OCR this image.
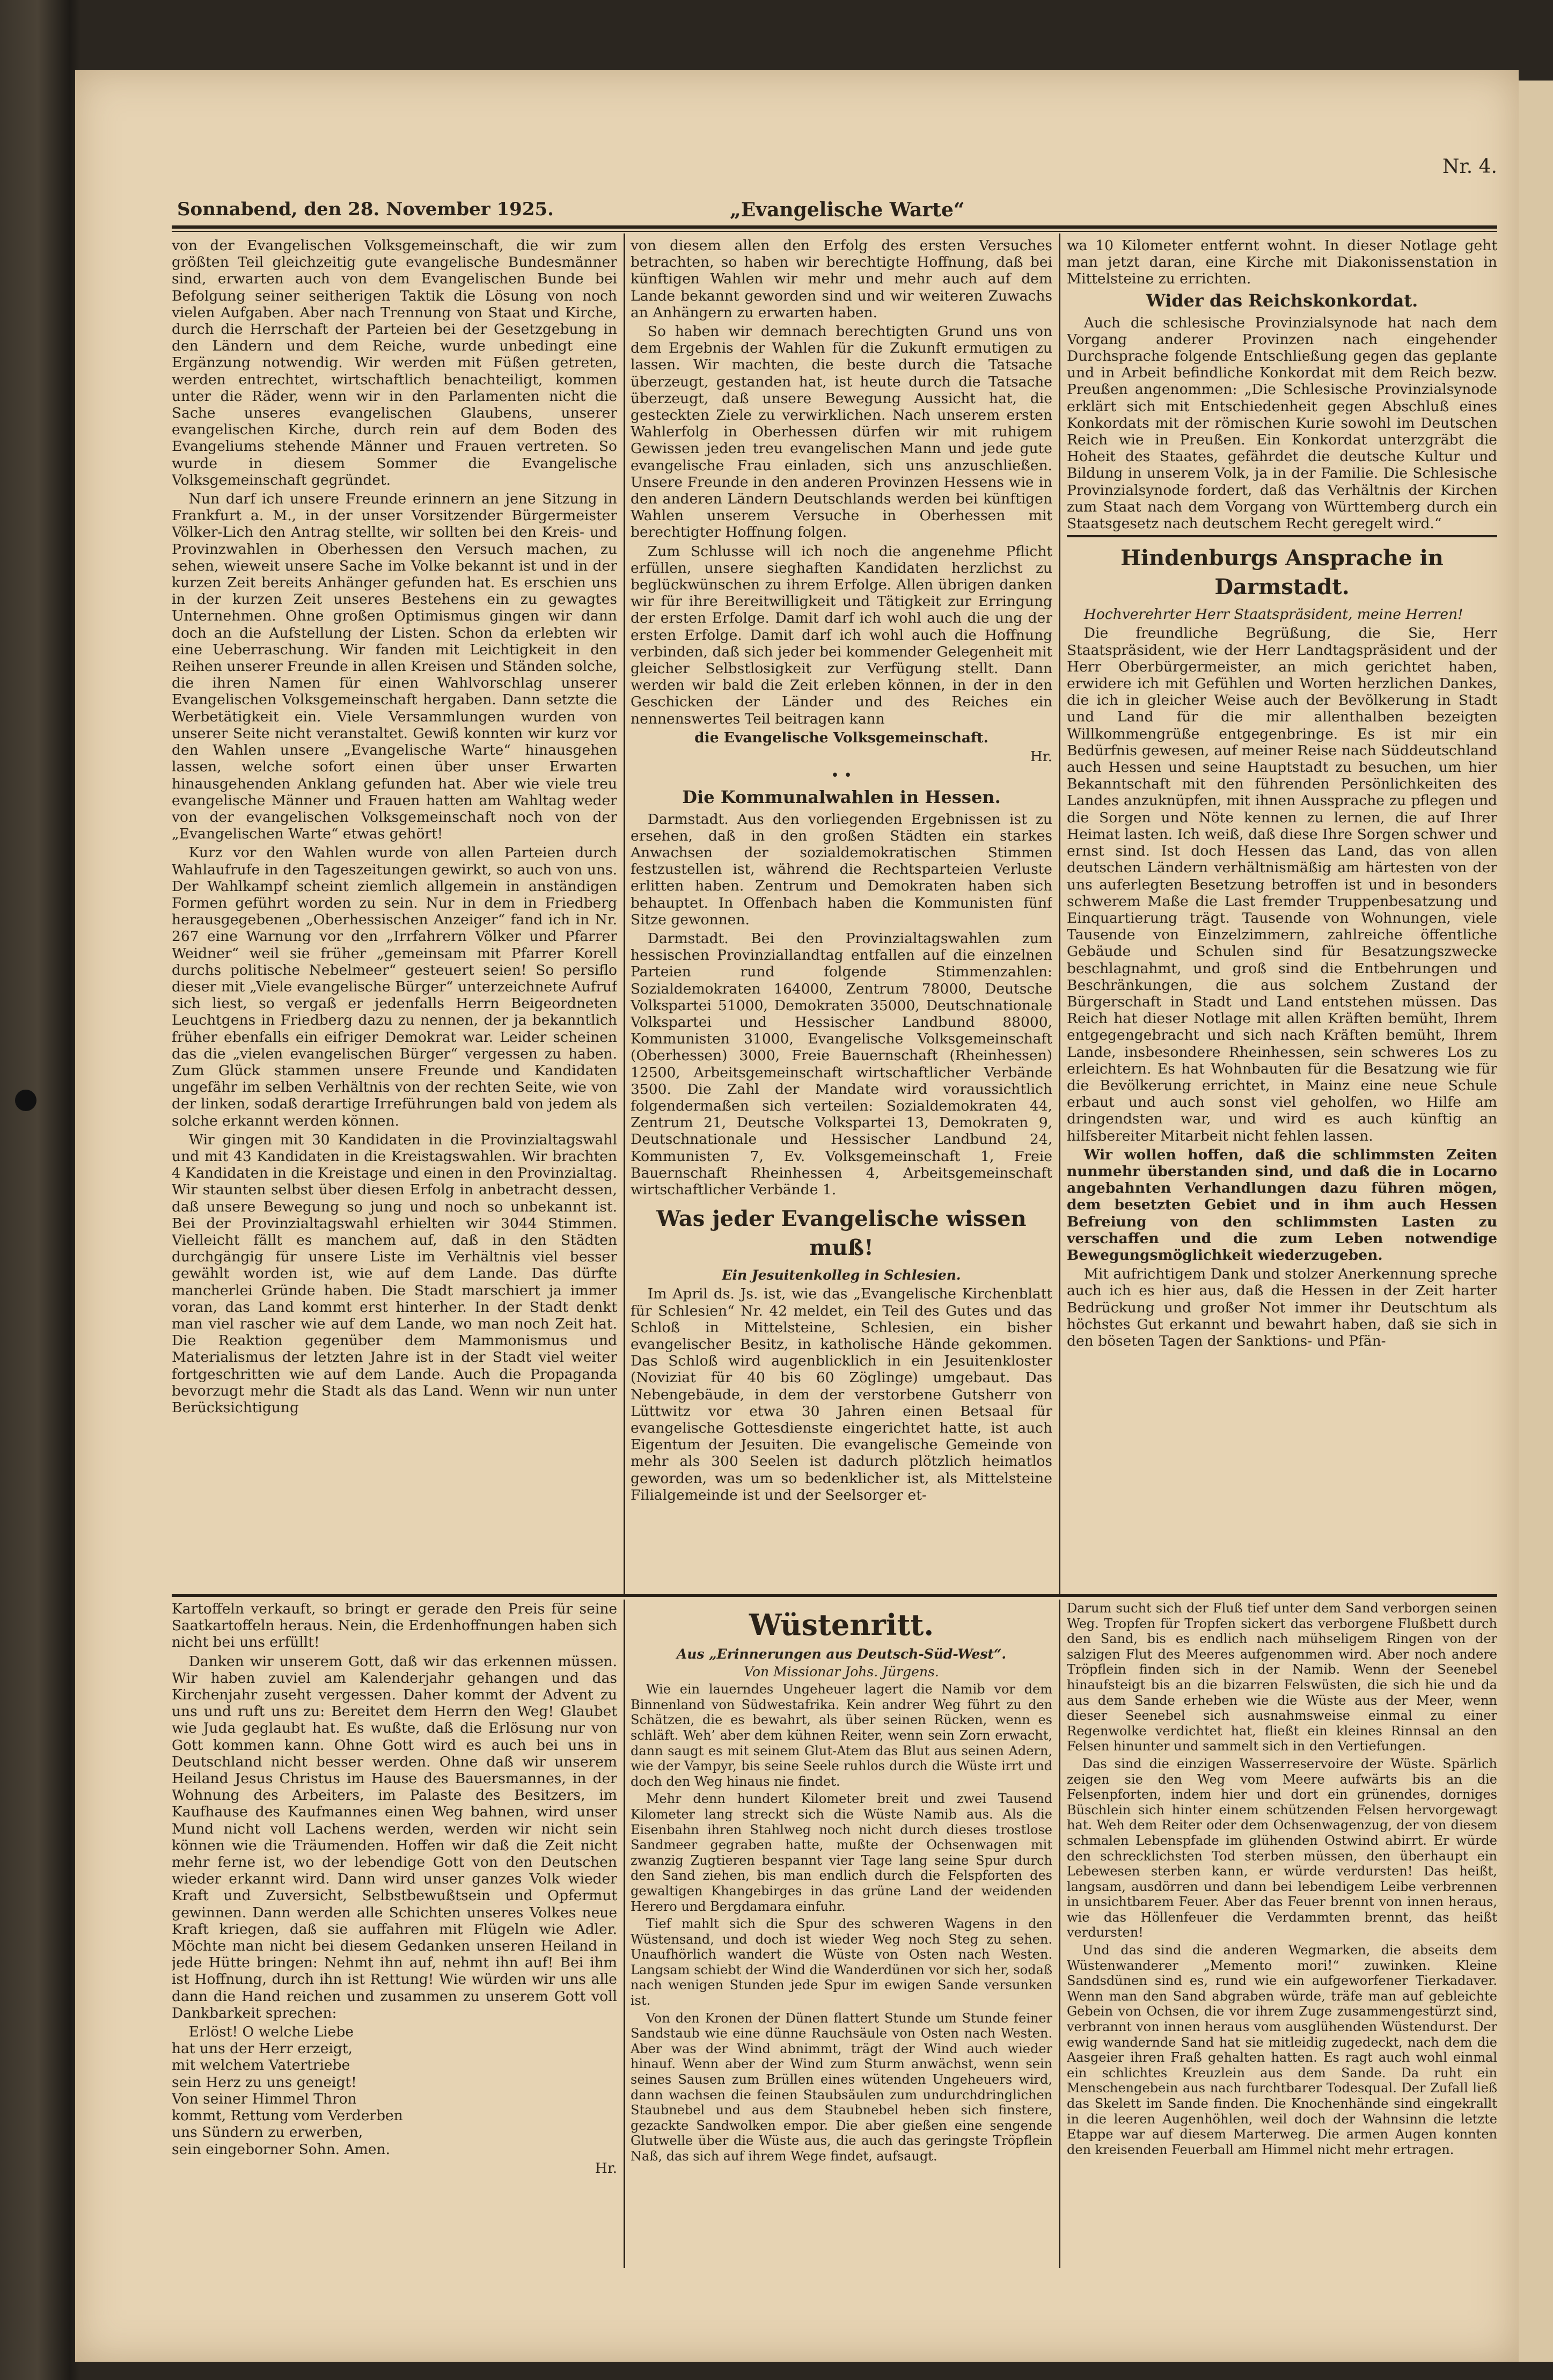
Nr. 4.
Sonnabend, den 28. November 1925.	„Evangelische Warte“

von der Evangelischen Volksgemeinschaft, die wir zum größten Teil gleichzeitig gute evangelische Bundesmänner sind, erwarten auch von dem Evangelischen Bunde bei Befolgung seiner seitherigen Taktik die Lösung von noch vielen Aufgaben. Aber nach Trennung von Staat und Kirche, durch die Herrschaft der Parteien bei der Gesetzgebung in den Ländern und dem Reiche, wurde unbedingt eine Ergänzung notwendig. Wir werden mit Füßen getreten, werden entrechtet, wirtschaftlich benachteiligt, kommen unter die Räder, wenn wir in den Parlamenten nicht die Sache unseres evangelischen Glaubens, unserer evangelischen Kirche, durch rein auf dem Boden des Evangeliums stehende Männer und Frauen vertreten. So wurde in diesem Sommer die Evangelische Volksgemeinschaft gegründet.

Nun darf ich unsere Freunde erinnern an jene Sitzung in Frankfurt a. M., in der unser Vorsitzender Bürgermeister Völker-Lich den Antrag stellte, wir sollten bei den Kreis- und Provinzwahlen in Oberhessen den Versuch machen, zu sehen, wieweit unsere Sache im Volke bekannt ist und in der kurzen Zeit bereits Anhänger gefunden hat. Es erschien uns in der kurzen Zeit unseres Bestehens ein zu gewagtes Unternehmen. Ohne großen Optimismus gingen wir dann doch an die Aufstellung der Listen. Schon da erlebten wir eine Ueberraschung. Wir fanden mit Leichtigkeit in den Reihen unserer Freunde in allen Kreisen und Ständen solche, die ihren Namen für einen Wahlvorschlag unserer Evangelischen Volksgemeinschaft hergaben. Dann setzte die Werbetätigkeit ein. Viele Versammlungen wurden von unserer Seite nicht veranstaltet. Gewiß konnten wir kurz vor den Wahlen unsere „Evangelische Warte“ hinausgehen lassen, welche sofort einen über unser Erwarten hinausgehenden Anklang gefunden hat. Aber wie viele treu evangelische Männer und Frauen hatten am Wahltag weder von der evangelischen Volksgemeinschaft noch von der „Evangelischen Warte“ etwas gehört!

Kurz vor den Wahlen wurde von allen Parteien durch Wahlaufrufe in den Tageszeitungen gewirkt, so auch von uns. Der Wahlkampf scheint ziemlich allgemein in anständigen Formen geführt worden zu sein. Nur in dem in Friedberg herausgegebenen „Oberhessischen Anzeiger“ fand ich in Nr. 267 eine Warnung vor den „Irrfahrern Völker und Pfarrer Weidner“ weil sie früher „gemeinsam mit Pfarrer Korell durchs politische Nebelmeer“ gesteuert seien! So persiflo dieser mit „Viele evangelische Bürger“ unterzeichnete Aufruf sich liest, so vergaß er jedenfalls Herrn Beigeordneten Leuchtgens in Friedberg dazu zu nennen, der ja bekanntlich früher ebenfalls ein eifriger Demokrat war. Leider scheinen das die „vielen evangelischen Bürger“ vergessen zu haben. Zum Glück stammen unsere Freunde und Kandidaten ungefähr im selben Verhältnis von der rechten Seite, wie von der linken, sodaß derartige Irreführungen bald von jedem als solche erkannt werden können.

Wir gingen mit 30 Kandidaten in die Provinzialtagswahl und mit 43 Kandidaten in die Kreistagswahlen. Wir brachten 4 Kandidaten in die Kreistage und einen in den Provinzialtag. Wir staunten selbst über diesen Erfolg in anbetracht dessen, daß unsere Bewegung so jung und noch so unbekannt ist. Bei der Provinzialtagswahl erhielten wir 3044 Stimmen. Vielleicht fällt es manchem auf, daß in den Städten durchgängig für unsere Liste im Verhältnis viel besser gewählt worden ist, wie auf dem Lande. Das dürfte mancherlei Gründe haben. Die Stadt marschiert ja immer voran, das Land kommt erst hinterher. In der Stadt denkt man viel rascher wie auf dem Lande, wo man noch Zeit hat. Die Reaktion gegenüber dem Mammonismus und Materialismus der letzten Jahre ist in der Stadt viel weiter fortgeschritten wie auf dem Lande. Auch die Propaganda bevorzugt mehr die Stadt als das Land. Wenn wir nun unter Berücksichtigung

von diesem allen den Erfolg des ersten Versuches betrachten, so haben wir berechtigte Hoffnung, daß bei künftigen Wahlen wir mehr und mehr auch auf dem Lande bekannt geworden sind und wir weiteren Zuwachs an Anhängern zu erwarten haben.

So haben wir demnach berechtigten Grund uns von dem Ergebnis der Wahlen für die Zukunft ermutigen zu lassen. Wir machten, die beste durch die Tatsache überzeugt, gestanden hat, ist heute durch die Tatsache überzeugt, daß unsere Bewegung Aussicht hat, die gesteckten Ziele zu verwirklichen. Nach unserem ersten Wahlerfolg in Oberhessen dürfen wir mit ruhigem Gewissen jeden treu evangelischen Mann und jede gute evangelische Frau einladen, sich uns anzuschließen. Unsere Freunde in den anderen Provinzen Hessens wie in den anderen Ländern Deutschlands werden bei künftigen Wahlen unserem Versuche in Oberhessen mit berechtigter Hoffnung folgen.

Zum Schlusse will ich noch die angenehme Pflicht erfüllen, unsere sieghaften Kandidaten herzlichst zu beglückwünschen zu ihrem Erfolge. Allen übrigen danken wir für ihre Bereitwilligkeit und Tätigkeit zur Erringung der ersten Erfolge. Damit darf ich wohl auch die ung der ersten Erfolge. Damit darf ich wohl auch die Hoffnung verbinden, daß sich jeder bei kommender Gelegenheit mit gleicher Selbstlosigkeit zur Verfügung stellt. Dann werden wir bald die Zeit erleben können, in der in den Geschicken der Länder und des Reiches ein nennenswertes Teil beitragen kann

die Evangelische Volksgemeinschaft.
Hr.
• •
Die Kommunalwahlen in Hessen.

Darmstadt. Aus den vorliegenden Ergebnissen ist zu ersehen, daß in den großen Städten ein starkes Anwachsen der sozialdemokratischen Stimmen festzustellen ist, während die Rechtsparteien Verluste erlitten haben. Zentrum und Demokraten haben sich behauptet. In Offenbach haben die Kommunisten fünf Sitze gewonnen.

Darmstadt. Bei den Provinzialtagswahlen zum hessischen Provinziallandtag entfallen auf die einzelnen Parteien rund folgende Stimmenzahlen: Sozialdemokraten 164000, Zentrum 78000, Deutsche Volkspartei 51000, Demokraten 35000, Deutschnationale Volkspartei und Hessischer Landbund 88000, Kommunisten 31000, Evangelische Volksgemeinschaft (Oberhessen) 3000, Freie Bauernschaft (Rheinhessen) 12500, Arbeitsgemeinschaft wirtschaftlicher Verbände 3500. Die Zahl der Mandate wird voraussichtlich folgendermaßen sich verteilen: Sozialdemokraten 44, Zentrum 21, Deutsche Volkspartei 13, Demokraten 9, Deutschnationale und Hessischer Landbund 24, Kommunisten 7, Ev. Volksgemeinschaft 1, Freie Bauernschaft Rheinhessen 4, Arbeitsgemeinschaft wirtschaftlicher Verbände 1.

Was jeder Evangelische wissen muß!
Ein Jesuitenkolleg in Schlesien.

Im April ds. Js. ist, wie das „Evangelische Kirchenblatt für Schlesien“ Nr. 42 meldet, ein Teil des Gutes und das Schloß in Mittelsteine, Schlesien, ein bisher evangelischer Besitz, in katholische Hände gekommen. Das Schloß wird augenblicklich in ein Jesuitenkloster (Noviziat für 40 bis 60 Zöglinge) umgebaut. Das Nebengebäude, in dem der verstorbene Gutsherr von Lüttwitz vor etwa 30 Jahren einen Betsaal für evangelische Gottesdienste eingerichtet hatte, ist auch Eigentum der Jesuiten. Die evangelische Gemeinde von mehr als 300 Seelen ist dadurch plötzlich heimatlos geworden, was um so bedenklicher ist, als Mittelsteine Filialgemeinde ist und der Seelsorger et-

wa 10 Kilometer entfernt wohnt. In dieser Notlage geht man jetzt daran, eine Kirche mit Diakonissenstation in Mittelsteine zu errichten.

Wider das Reichskonkordat.

Auch die schlesische Provinzialsynode hat nach dem Vorgang anderer Provinzen nach eingehender Durchsprache folgende Entschließung gegen das geplante und in Arbeit befindliche Konkordat mit dem Reich bezw. Preußen angenommen: „Die Schlesische Provinzialsynode erklärt sich mit Entschiedenheit gegen Abschluß eines Konkordats mit der römischen Kurie sowohl im Deutschen Reich wie in Preußen. Ein Konkordat unterzgräbt die Hoheit des Staates, gefährdet die deutsche Kultur und Bildung in unserem Volk, ja in der Familie. Die Schlesische Provinzialsynode fordert, daß das Verhältnis der Kirchen zum Staat nach dem Vorgang von Württemberg durch ein Staatsgesetz nach deutschem Recht geregelt wird.“

Hindenburgs Ansprache in Darmstadt.

Hochverehrter Herr Staatspräsident, meine Herren!

Die freundliche Begrüßung, die Sie, Herr Staatspräsident, wie der Herr Landtagspräsident und der Herr Oberbürgermeister, an mich gerichtet haben, erwidere ich mit Gefühlen und Worten herzlichen Dankes, die ich in gleicher Weise auch der Bevölkerung in Stadt und Land für die mir allenthalben bezeigten Willkommengrüße entgegenbringe. Es ist mir ein Bedürfnis gewesen, auf meiner Reise nach Süddeutschland auch Hessen und seine Hauptstadt zu besuchen, um hier Bekanntschaft mit den führenden Persönlichkeiten des Landes anzuknüpfen, mit ihnen Aussprache zu pflegen und die Sorgen und Nöte kennen zu lernen, die auf Ihrer Heimat lasten. Ich weiß, daß diese Ihre Sorgen schwer und ernst sind. Ist doch Hessen das Land, das von allen deutschen Ländern verhältnismäßig am härtesten von der uns auferlegten Besetzung betroffen ist und in besonders schwerem Maße die Last fremder Truppenbesatzung und Einquartierung trägt. Tausende von Wohnungen, viele Tausende von Einzelzimmern, zahlreiche öffentliche Gebäude und Schulen sind für Besatzungszwecke beschlagnahmt, und groß sind die Entbehrungen und Beschränkungen, die aus solchem Zustand der Bürgerschaft in Stadt und Land entstehen müssen. Das Reich hat dieser Notlage mit allen Kräften bemüht, Ihrem entgegengebracht und sich nach Kräften bemüht, Ihrem Lande, insbesondere Rheinhessen, sein schweres Los zu erleichtern. Es hat Wohnbauten für die Besatzung wie für die Bevölkerung errichtet, in Mainz eine neue Schule erbaut und auch sonst viel geholfen, wo Hilfe am dringendsten war, und wird es auch künftig an hilfsbereiter Mitarbeit nicht fehlen lassen.

Wir wollen hoffen, daß die schlimmsten Zeiten nunmehr überstanden sind, und daß die in Locarno angebahnten Verhandlungen dazu führen mögen, dem besetzten Gebiet und in ihm auch Hessen Befreiung von den schlimmsten Lasten zu verschaffen und die zum Leben notwendige Bewegungsmöglichkeit wiederzugeben.

Mit aufrichtigem Dank und stolzer Anerkennung spreche auch ich es hier aus, daß die Hessen in der Zeit harter Bedrückung und großer Not immer ihr Deutschtum als höchstes Gut erkannt und bewahrt haben, daß sie sich in den böseten Tagen der Sanktions- und Pfän-

Kartoffeln verkauft, so bringt er gerade den Preis für seine Saatkartoffeln heraus. Nein, die Erdenhoffnungen haben sich nicht bei uns erfüllt!

Danken wir unserem Gott, daß wir das erkennen müssen. Wir haben zuviel am Kalenderjahr gehangen und das Kirchenjahr zuseht vergessen. Daher kommt der Advent zu uns und ruft uns zu: Bereitet dem Herrn den Weg! Glaubet wie Juda geglaubt hat. Es wußte, daß die Erlösung nur von Gott kommen kann. Ohne Gott wird es auch bei uns in Deutschland nicht besser werden. Ohne daß wir unserem Heiland Jesus Christus im Hause des Bauersmannes, in der Wohnung des Arbeiters, im Palaste des Besitzers, im Kaufhause des Kaufmannes einen Weg bahnen, wird unser Mund nicht voll Lachens werden, werden wir nicht sein können wie die Träumenden. Hoffen wir daß die Zeit nicht mehr ferne ist, wo der lebendige Gott von den Deutschen wieder erkannt wird. Dann wird unser ganzes Volk wieder Kraft und Zuversicht, Selbstbewußtsein und Opfermut gewinnen. Dann werden alle Schichten unseres Volkes neue Kraft kriegen, daß sie auffahren mit Flügeln wie Adler. Möchte man nicht bei diesem Gedanken unseren Heiland in jede Hütte bringen: Nehmt ihn auf, nehmt ihn auf! Bei ihm ist Hoffnung, durch ihn ist Rettung! Wie würden wir uns alle dann die Hand reichen und zusammen zu unserem Gott voll Dankbarkeit sprechen:

Erlöst! O welche Liebe
hat uns der Herr erzeigt,
mit welchem Vatertriebe
sein Herz zu uns geneigt!
Von seiner Himmel Thron
kommt, Rettung vom Verderben
uns Sündern zu erwerben,
sein eingeborner Sohn. Amen.

Hr.
Wüstenritt.
Aus „Erinnerungen aus Deutsch-Süd-West“.
Von Missionar Johs. Jürgens.

Wie ein lauerndes Ungeheuer lagert die Namib vor dem Binnenland von Südwestafrika. Kein andrer Weg führt zu den Schätzen, die es bewahrt, als über seinen Rücken, wenn es schläft. Weh’ aber dem kühnen Reiter, wenn sein Zorn erwacht, dann saugt es mit seinem Glut-Atem das Blut aus seinen Adern, wie der Vampyr, bis seine Seele ruhlos durch die Wüste irrt und doch den Weg hinaus nie findet.

Mehr denn hundert Kilometer breit und zwei Tausend Kilometer lang streckt sich die Wüste Namib aus. Als die Eisenbahn ihren Stahlweg noch nicht durch dieses trostlose Sandmeer gegraben hatte, mußte der Ochsenwagen mit zwanzig Zugtieren bespannt vier Tage lang seine Spur durch den Sand ziehen, bis man endlich durch die Felspforten des gewaltigen Khangebirges in das grüne Land der weidenden Herero und Bergdamara einfuhr.

Tief mahlt sich die Spur des schweren Wagens in den Wüstensand, und doch ist wieder Weg noch Steg zu sehen. Unaufhörlich wandert die Wüste von Osten nach Westen. Langsam schiebt der Wind die Wanderdünen vor sich her, sodaß nach wenigen Stunden jede Spur im ewigen Sande versunken ist.

Von den Kronen der Dünen flattert Stunde um Stunde feiner Sandstaub wie eine dünne Rauchsäule von Osten nach Westen. Aber was der Wind abnimmt, trägt der Wind auch wieder hinauf. Wenn aber der Wind zum Sturm anwächst, wenn sein seines Sausen zum Brüllen eines wütenden Ungeheuers wird, dann wachsen die feinen Staubsäulen zum undurchdringlichen Staubnebel und aus dem Staubnebel heben sich finstere, gezackte Sandwolken empor. Die aber gießen eine sengende Glutwelle über die Wüste aus, die auch das geringste Tröpflein Naß, das sich auf ihrem Wege findet, aufsaugt.

Darum sucht sich der Fluß tief unter dem Sand verborgen seinen Weg. Tropfen für Tropfen sickert das verborgene Flußbett durch den Sand, bis es endlich nach mühseligem Ringen von der salzigen Flut des Meeres aufgenommen wird. Aber noch andere Tröpflein finden sich in der Namib. Wenn der Seenebel hinaufsteigt bis an die bizarren Felswüsten, die sich hie und da aus dem Sande erheben wie die Wüste aus der Meer, wenn dieser Seenebel sich ausnahmsweise einmal zu einer Regenwolke verdichtet hat, fließt ein kleines Rinnsal an den Felsen hinunter und sammelt sich in den Vertiefungen.

Das sind die einzigen Wasserreservoire der Wüste. Spärlich zeigen sie den Weg vom Meere aufwärts bis an die Felsenpforten, indem hier und dort ein grünendes, dorniges Büschlein sich hinter einem schützenden Felsen hervorgewagt hat. Weh dem Reiter oder dem Ochsenwagenzug, der von diesem schmalen Lebenspfade im glühenden Ostwind abirrt. Er würde den schrecklichsten Tod sterben müssen, den überhaupt ein Lebewesen sterben kann, er würde verdursten! Das heißt, langsam, ausdörren und dann bei lebendigem Leibe verbrennen in unsichtbarem Feuer. Aber das Feuer brennt von innen heraus, wie das Höllenfeuer die Verdammten brennt, das heißt verdursten!

Und das sind die anderen Wegmarken, die abseits dem Wüstenwanderer „Memento mori!“ zuwinken. Kleine Sandsdünen sind es, rund wie ein aufgeworfener Tierkadaver. Wenn man den Sand abgraben würde, träfe man auf gebleichte Gebein von Ochsen, die vor ihrem Zuge zusammengestürzt sind, verbrannt von innen heraus vom ausglühenden Wüstendurst. Der ewig wandernde Sand hat sie mitleidig zugedeckt, nach dem die Aasgeier ihren Fraß gehalten hatten. Es ragt auch wohl einmal ein schlichtes Kreuzlein aus dem Sande. Da ruht ein Menschengebein aus nach furchtbarer Todesqual. Der Zufall ließ das Skelett im Sande finden. Die Knochenhände sind eingekrallt in die leeren Augenhöhlen, weil doch der Wahnsinn die letzte Etappe war auf diesem Marterweg. Die armen Augen konnten den kreisenden Feuerball am Himmel nicht mehr ertragen.
